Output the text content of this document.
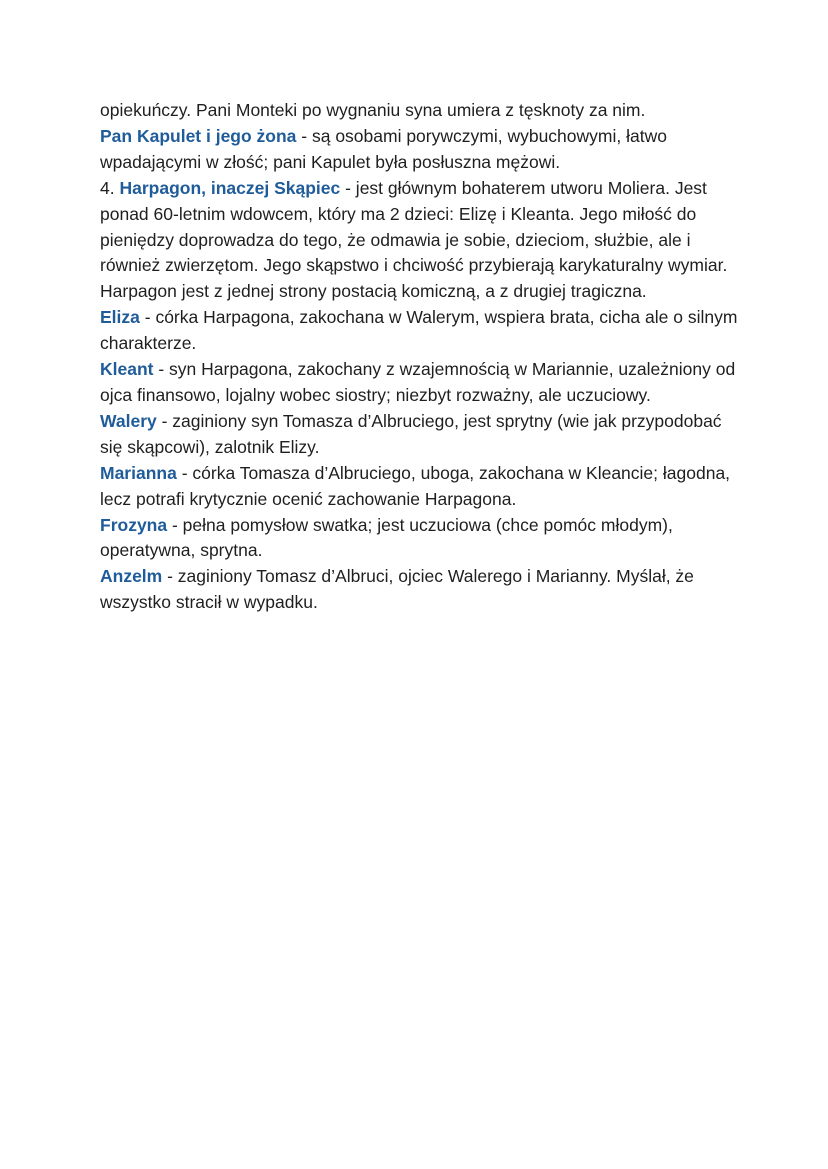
opiekuńczy. Pani Monteki po wygnaniu syna umiera z tęsknoty za nim.

Pan Kapulet i jego żona - są osobami porywczymi, wybuchowymi, łatwo wpadającymi w złość; pani Kapulet była posłuszna mężowi.

4. Harpagon, inaczej Skąpiec - jest głównym bohaterem utworu Moliera. Jest ponad 60-letnim wdowcem, który ma 2 dzieci: Elizę i Kleanta. Jego miłość do pieniędzy doprowadza do tego, że odmawia je sobie, dzieciom, służbie, ale i również zwierzętom. Jego skąpstwo i chciwość przybierają karykaturalny wymiar. Harpagon jest z jednej strony postacią komiczną, a z drugiej tragiczna.

Eliza - córka Harpagona, zakochana w Walerym, wspiera brata, cicha ale o silnym charakterze.

Kleant - syn Harpagona, zakochany z wzajemnością w Mariannie, uzależniony od ojca finansowo, lojalny wobec siostry; niezbyt rozważny, ale uczuciowy.

Walery - zaginiony syn Tomasza d’Albruciego, jest sprytny (wie jak przypodobać się skąpcowi), zalotnik Elizy.

Marianna - córka Tomasza d’Albruciego, uboga, zakochana w Kleancie; łagodna, lecz potrafi krytycznie ocenić zachowanie Harpagona.

Frozyna - pełna pomysłow swatka; jest uczuciowa (chce pomóc młodym), operatywna, sprytna.

Anzelm - zaginiony Tomasz d’Albruci, ojciec Walerego i Marianny. Myślał, że wszystko stracił w wypadku.
